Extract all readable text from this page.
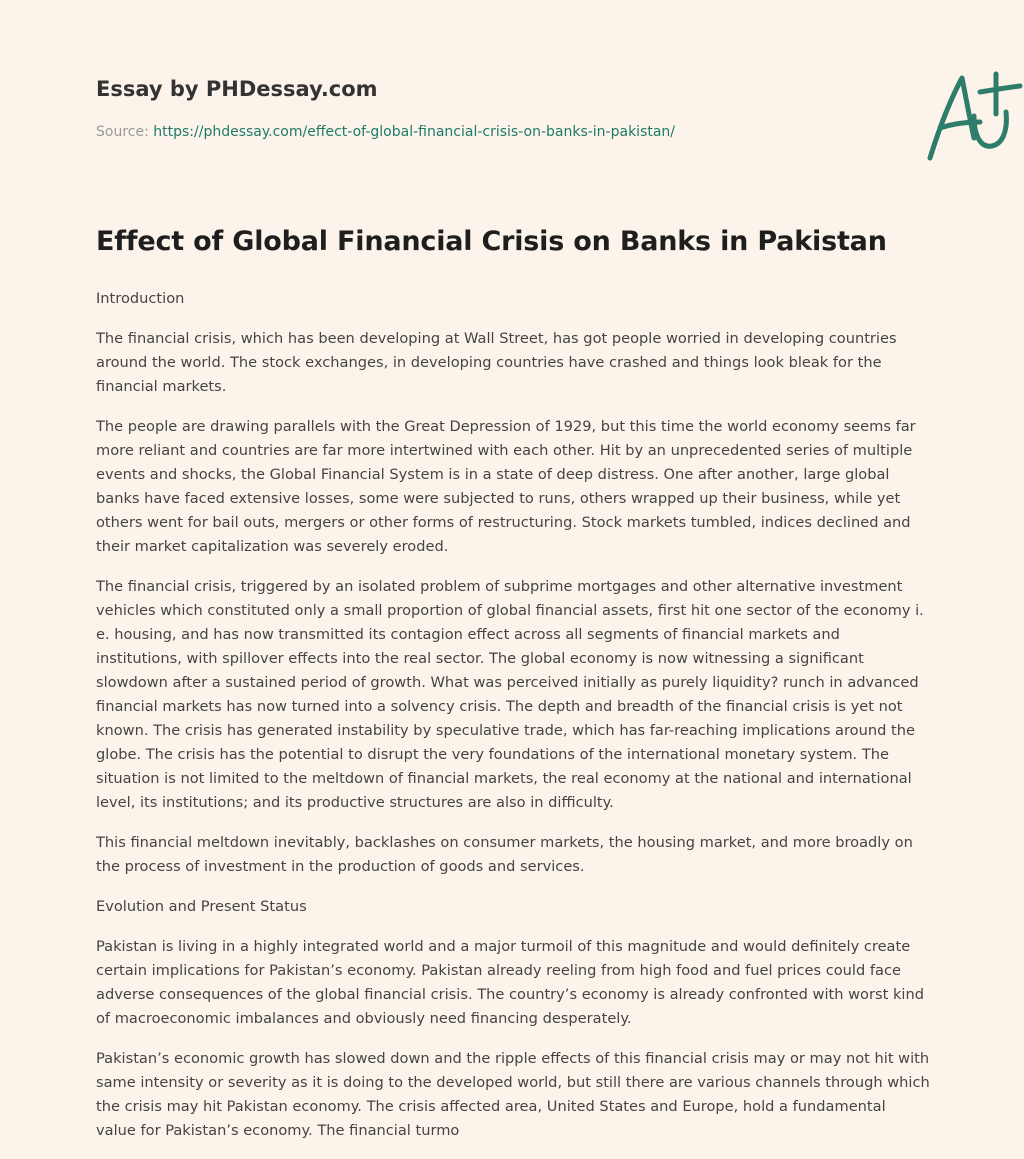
Essay by PHDessay.com
Source: https://phdessay.com/effect-of-global-financial-crisis-on-banks-in-pakistan/
Effect of Global Financial Crisis on Banks in Pakistan

Introduction

The financial crisis, which has been developing at Wall Street, has got people worried in developing countries around the world. The stock exchanges, in developing countries have crashed and things look bleak for the financial markets.

The people are drawing parallels with the Great Depression of 1929, but this time the world economy seems far more reliant and countries are far more intertwined with each other. Hit by an unprecedented series of multiple events and shocks, the Global Financial System is in a state of deep distress. One after another, large global banks have faced extensive losses, some were subjected to runs, others wrapped up their business, while yet others went for bail outs, mergers or other forms of restructuring. Stock markets tumbled, indices declined and their market capitalization was severely eroded.

The financial crisis, triggered by an isolated problem of subprime mortgages and other alternative investment vehicles which constituted only a small proportion of global financial assets, first hit one sector of the economy i. e. housing, and has now transmitted its contagion effect across all segments of financial markets and institutions, with spillover effects into the real sector. The global economy is now witnessing a significant slowdown after a sustained period of growth. What was perceived initially as purely liquidity? runch in advanced financial markets has now turned into a solvency crisis. The depth and breadth of the financial crisis is yet not known. The crisis has generated instability by speculative trade, which has far-reaching implications around the globe. The crisis has the potential to disrupt the very foundations of the international monetary system. The situation is not limited to the meltdown of financial markets, the real economy at the national and international level, its institutions; and its productive structures are also in difficulty.

This financial meltdown inevitably, backlashes on consumer markets, the housing market, and more broadly on the process of investment in the production of goods and services.

Evolution and Present Status

Pakistan is living in a highly integrated world and a major turmoil of this magnitude and would definitely create certain implications for Pakistan’s economy. Pakistan already reeling from high food and fuel prices could face adverse consequences of the global financial crisis. The country’s economy is already confronted with worst kind of macroeconomic imbalances and obviously need financing desperately.

Pakistan’s economic growth has slowed down and the ripple effects of this financial crisis may or may not hit with same intensity or severity as it is doing to the developed world, but still there are various channels through which the crisis may hit Pakistan economy. The crisis affected area, United States and Europe, hold a fundamental value for Pakistan’s economy. The financial turmo
